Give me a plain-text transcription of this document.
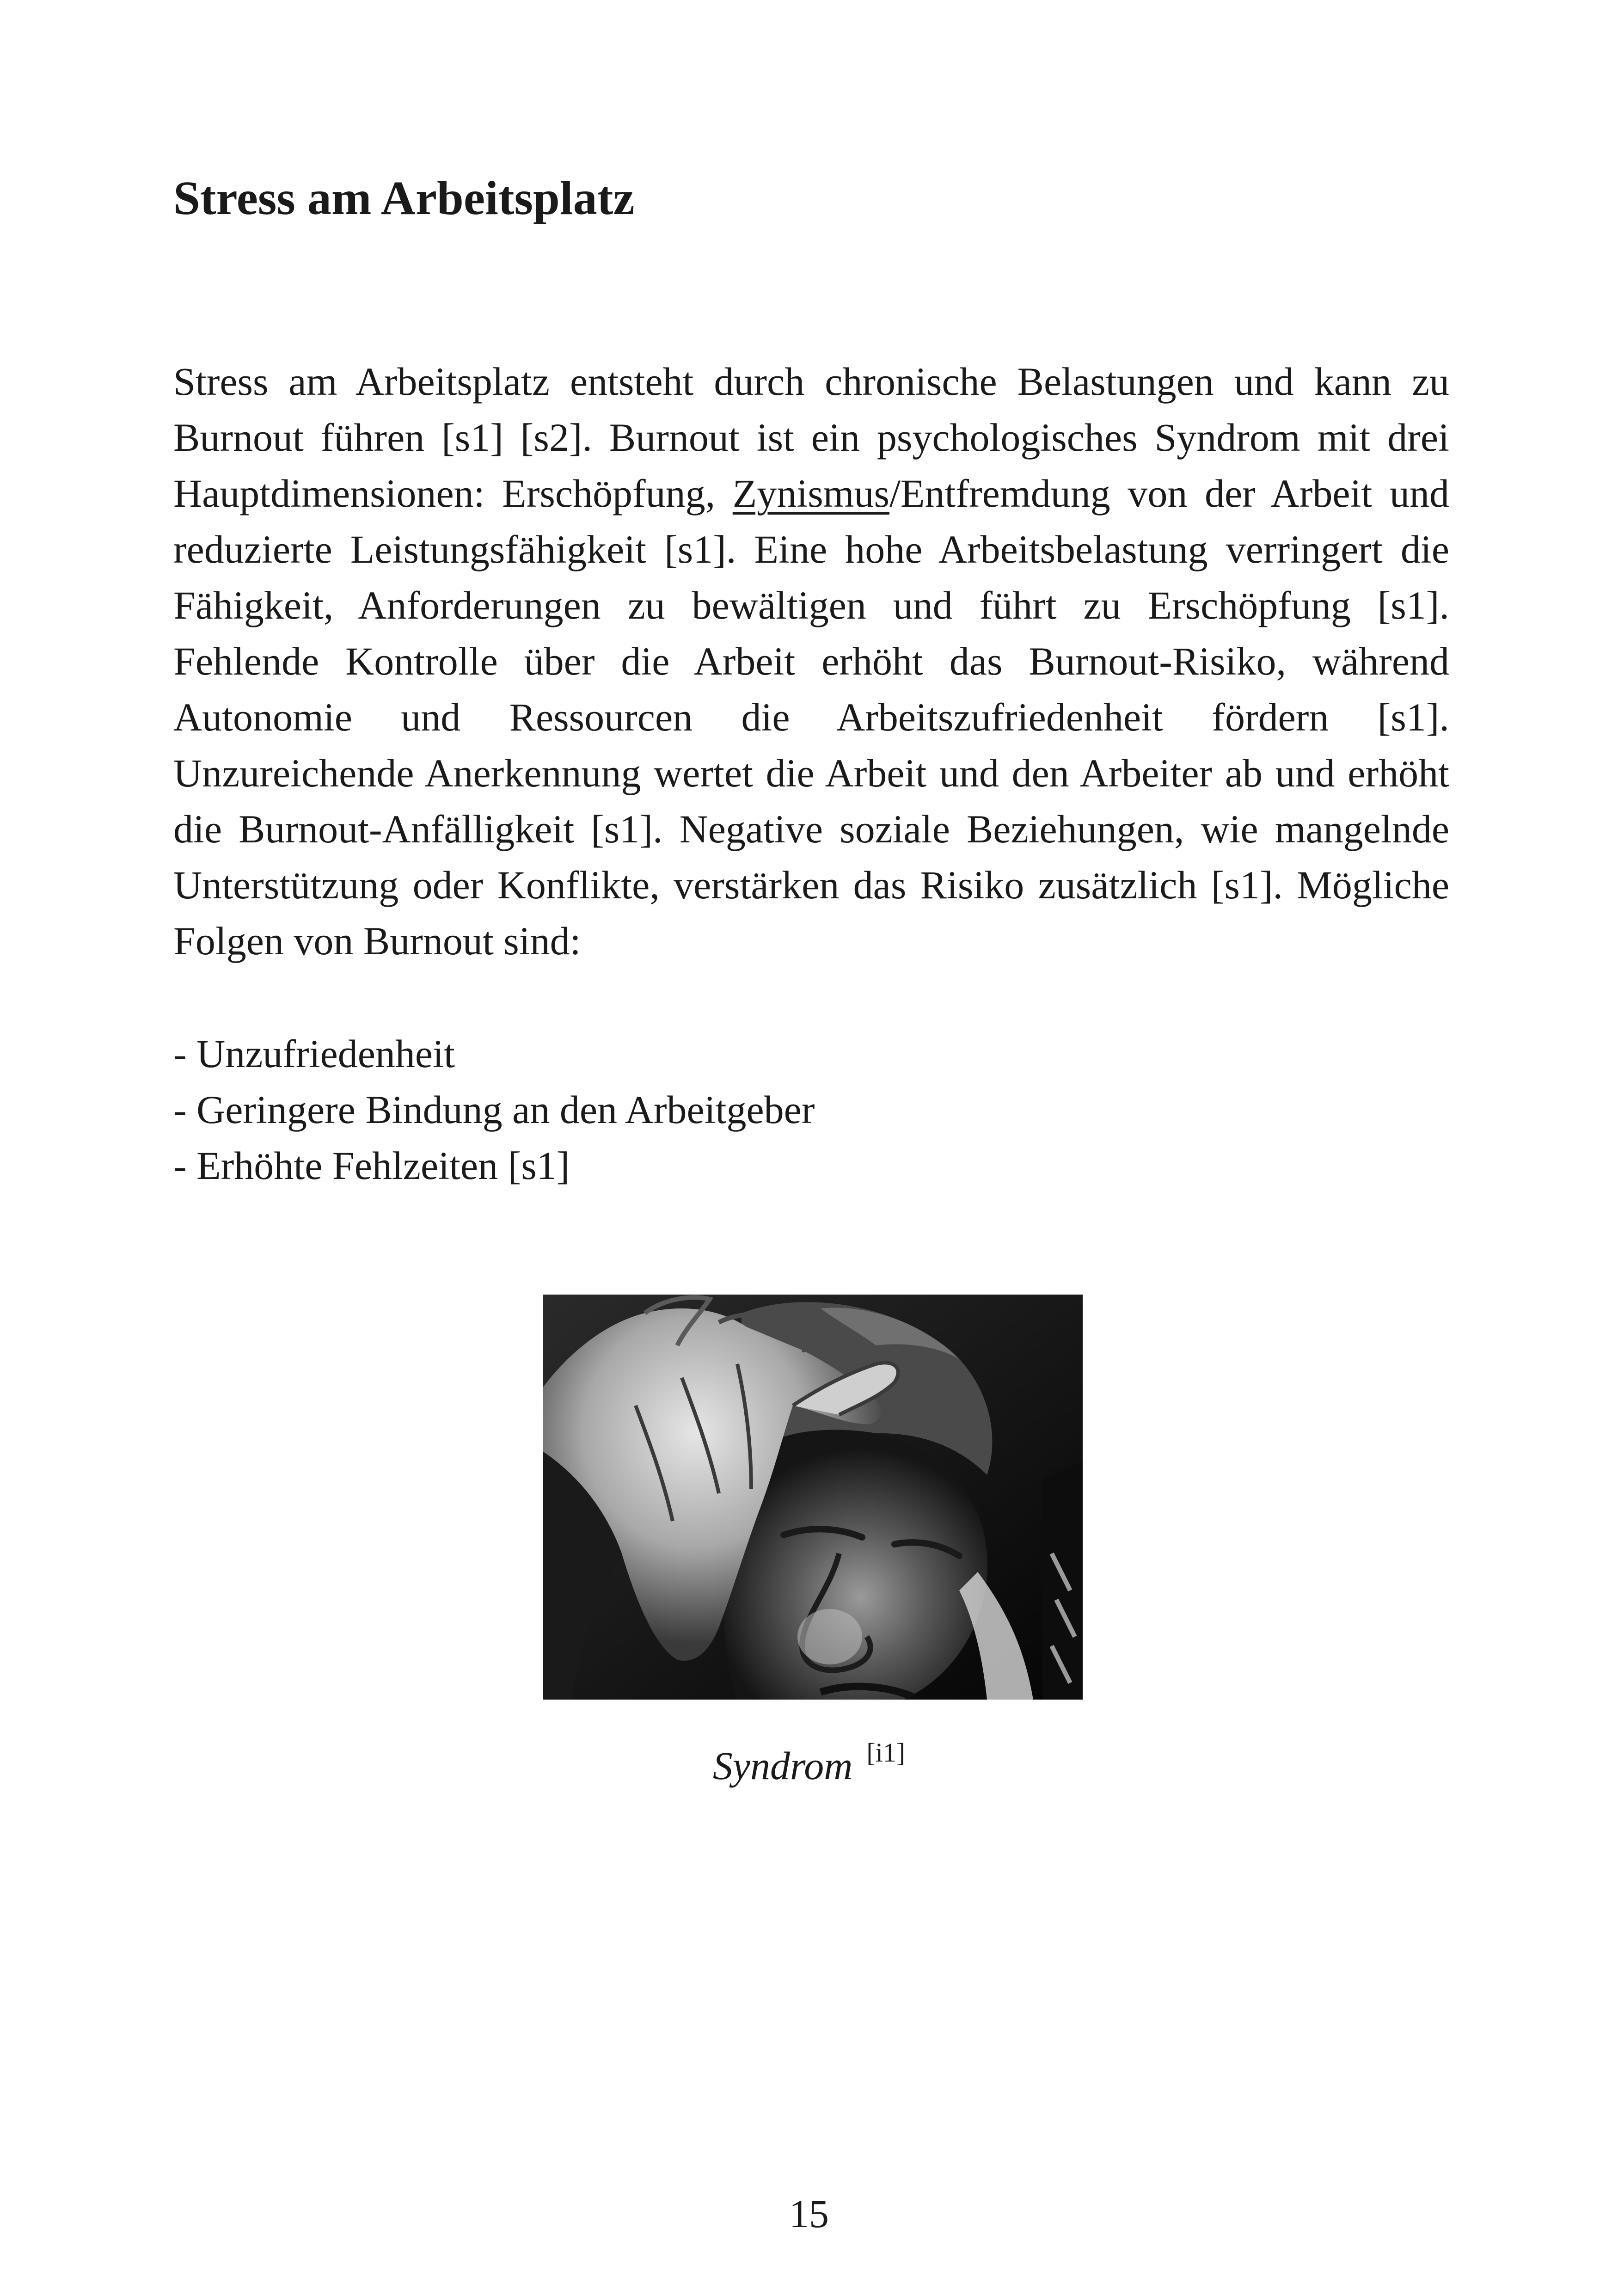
Stress am Arbeitsplatz

Stress am Arbeitsplatz entsteht durch chronische Belastungen und kann zu Burnout führen [s1] [s2]. Burnout ist ein psychologisches Syndrom mit drei Hauptdimensionen: Erschöpfung, Zynismus/Entfremdung von der Arbeit und reduzierte Leistungsfähigkeit [s1]. Eine hohe Arbeitsbelastung verringert die Fähigkeit, Anforderungen zu bewältigen und führt zu Erschöpfung [s1]. Fehlende Kontrolle über die Arbeit erhöht das Burnout-Risiko, während Autonomie und Ressourcen die Arbeitszufriedenheit fördern [s1]. Unzureichende Anerkennung wertet die Arbeit und den Arbeiter ab und erhöht die Burnout-Anfälligkeit [s1]. Negative soziale Beziehungen, wie mangelnde Unterstützung oder Konflikte, verstärken das Risiko zusätzlich [s1]. Mögliche Folgen von Burnout sind:

- Unzufriedenheit
- Geringere Bindung an den Arbeitgeber
- Erhöhte Fehlzeiten [s1]
Syndrom [i1]
15
